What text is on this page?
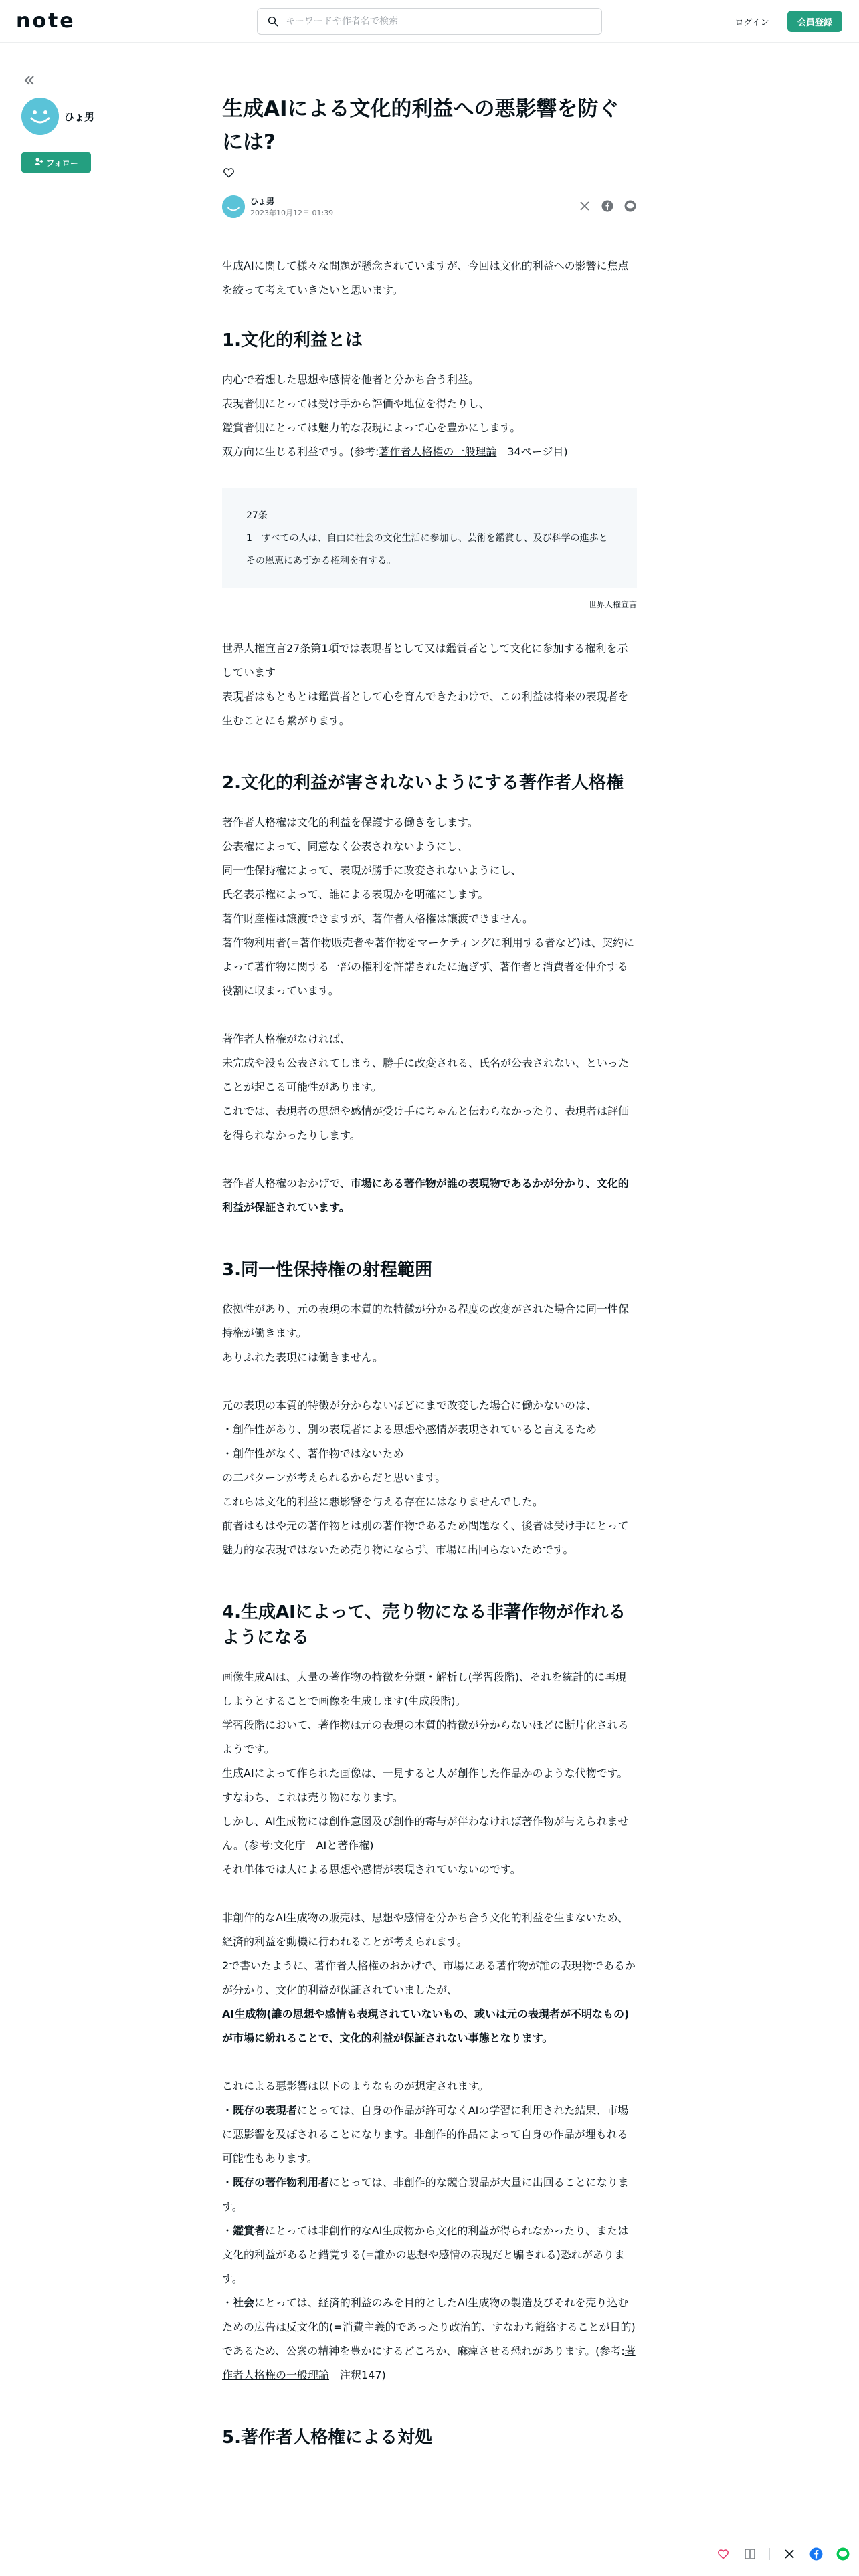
note
キーワードや作者名で検索	ログイン	会員登録
ひょ男
フォロー
生成AIによる文化的利益への悪影響を防ぐには?
ひょ男
2023年10月12日 01:39

生成AIに関して様々な問題が懸念されていますが、今回は文化的利益への影響に焦点を絞って考えていきたいと思います。

1.文化的利益とは

内心で着想した思想や感情を他者と分かち合う利益。

表現者側にとっては受け手から評価や地位を得たりし、

鑑賞者側にとっては魅力的な表現によって心を豊かにします。

双方向に生じる利益です。(参考:著作者人格権の一般理論　34ページ目)

27条

1　すべての人は、自由に社会の文化生活に参加し、芸術を鑑賞し、及び科学の進歩とその恩恵にあずかる権利を有する。

世界人権宣言

世界人権宣言27条第1項では表現者として又は鑑賞者として文化に参加する権利を示しています

表現者はもともとは鑑賞者として心を育んできたわけで、この利益は将来の表現者を生むことにも繋がります。

2.文化的利益が害されないようにする著作者人格権

著作者人格権は文化的利益を保護する働きをします。

公表権によって、同意なく公表されないようにし、

同一性保持権によって、表現が勝手に改変されないようにし、

氏名表示権によって、誰による表現かを明確にします。

著作財産権は譲渡できますが、著作者人格権は譲渡できません。

著作物利用者(=著作物販売者や著作物をマーケティングに利用する者など)は、契約によって著作物に関する一部の権利を許諾されたに過ぎず、著作者と消費者を仲介する役割に収まっています。

著作者人格権がなければ、

未完成や没も公表されてしまう、勝手に改変される、氏名が公表されない、といったことが起こる可能性があります。

これでは、表現者の思想や感情が受け手にちゃんと伝わらなかったり、表現者は評価を得られなかったりします。

著作者人格権のおかげで、市場にある著作物が誰の表現物であるかが分かり、文化的利益が保証されています。

3.同一性保持権の射程範囲

依拠性があり、元の表現の本質的な特徴が分かる程度の改変がされた場合に同一性保持権が働きます。

ありふれた表現には働きません。

元の表現の本質的特徴が分からないほどにまで改変した場合に働かないのは、

・創作性があり、別の表現者による思想や感情が表現されていると言えるため

・創作性がなく、著作物ではないため

の二パターンが考えられるからだと思います。

これらは文化的利益に悪影響を与える存在にはなりませんでした。

前者はもはや元の著作物とは別の著作物であるため問題なく、後者は受け手にとって魅力的な表現ではないため売り物にならず、市場に出回らないためです。

4.生成AIによって、売り物になる非著作物が作れるようになる

画像生成AIは、大量の著作物の特徴を分類・解析し(学習段階)、それを統計的に再現しようとすることで画像を生成します(生成段階)。

学習段階において、著作物は元の表現の本質的特徴が分からないほどに断片化されるようです。

生成AIによって作られた画像は、一見すると人が創作した作品かのような代物です。

すなわち、これは売り物になります。

しかし、AI生成物には創作意図及び創作的寄与が伴わなければ著作物が与えられません。(参考:文化庁　AIと著作権)

それ単体では人による思想や感情が表現されていないのです。

非創作的なAI生成物の販売は、思想や感情を分かち合う文化的利益を生まないため、経済的利益を動機に行われることが考えられます。

2で書いたように、著作者人格権のおかげで、市場にある著作物が誰の表現物であるかが分かり、文化的利益が保証されていましたが、

AI生成物(誰の思想や感情も表現されていないもの、或いは元の表現者が不明なもの)が市場に紛れることで、文化的利益が保証されない事態となります。

これによる悪影響は以下のようなものが想定されます。

・既存の表現者にとっては、自身の作品が許可なくAIの学習に利用された結果、市場に悪影響を及ぼされることになります。非創作的作品によって自身の作品が埋もれる可能性もあります。

・既存の著作物利用者にとっては、非創作的な競合製品が大量に出回ることになります。

・鑑賞者にとっては非創作的なAI生成物から文化的利益が得られなかったり、または文化的利益があると錯覚する(=誰かの思想や感情の表現だと騙される)恐れがあります。

・社会にとっては、経済的利益のみを目的としたAI生成物の製造及びそれを売り込むための広告は反文化的(=消費主義的であったり政治的、すなわち籠絡することが目的)であるため、公衆の精神を豊かにするどころか、麻痺させる恐れがあります。(参考:著作者人格権の一般理論　注釈147)

5.著作者人格権による対処
